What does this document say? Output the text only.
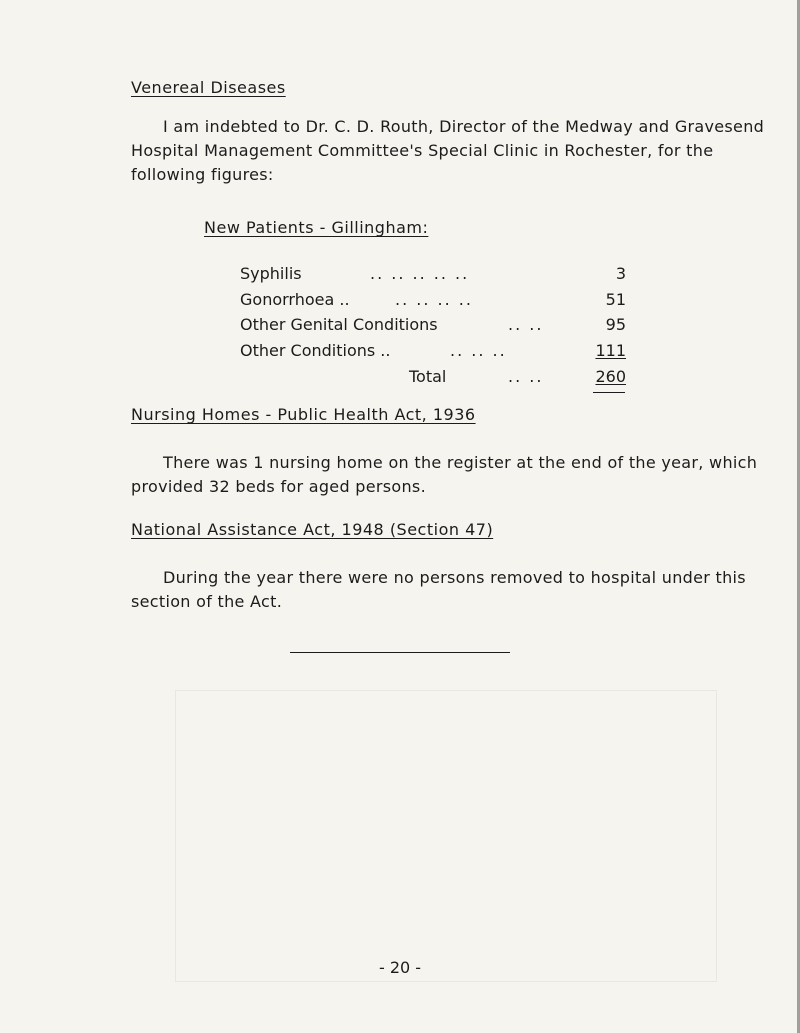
Venereal Diseases

I am indebted to Dr. C. D. Routh, Director of the Medway and Gravesend Hospital Management Committee's Special Clinic in Rochester, for the following figures:

New Patients - Gillingham:
Syphilis	.. .. .. .. ..	3
Gonorrhoea ..	.. .. .. ..	51
Other Genital Conditions	.. ..	95
Other Conditions ..	.. .. ..	111
Total	.. ..	260
Nursing Homes - Public Health Act, 1936

There was 1 nursing home on the register at the end of the year, which provided 32 beds for aged persons.

National Assistance Act, 1948 (Section 47)

During the year there were no persons removed to hospital under this section of the Act.

- 20 -
